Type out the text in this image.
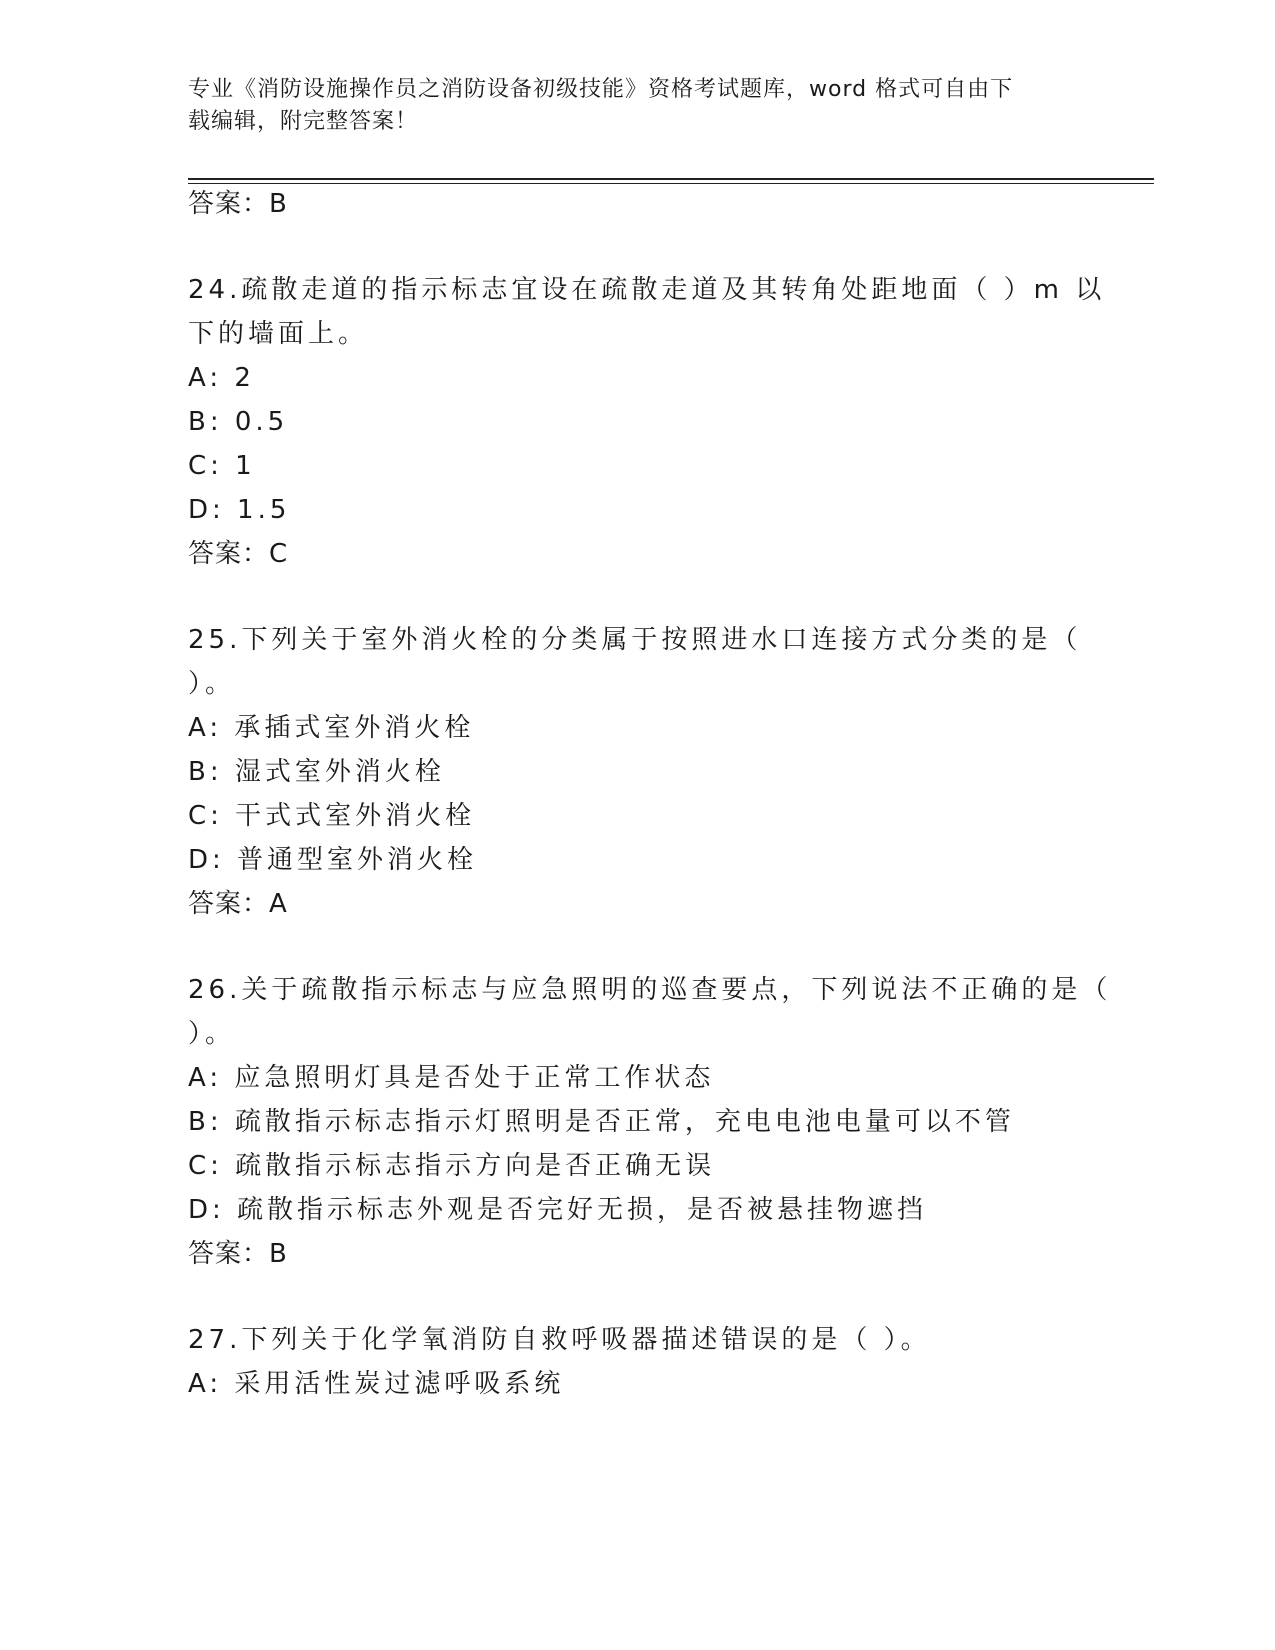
专业《消防设施操作员之消防设备初级技能》资格考试题库，word 格式可自由下
载编辑，附完整答案！
答案：B
24.疏散走道的指示标志宜设在疏散走道及其转角处距地面（ ）m 以
下的墙面上。
A: 2
B: 0.5
C: 1
D: 1.5
答案：C
25.下列关于室外消火栓的分类属于按照进水口连接方式分类的是（
）。
A: 承插式室外消火栓
B: 湿式室外消火栓
C: 干式式室外消火栓
D: 普通型室外消火栓
答案：A
26.关于疏散指示标志与应急照明的巡查要点，下列说法不正确的是（
）。
A: 应急照明灯具是否处于正常工作状态
B: 疏散指示标志指示灯照明是否正常，充电电池电量可以不管
C: 疏散指示标志指示方向是否正确无误
D: 疏散指示标志外观是否完好无损，是否被悬挂物遮挡
答案：B
27.下列关于化学氧消防自救呼吸器描述错误的是（ ）。
A: 采用活性炭过滤呼吸系统
